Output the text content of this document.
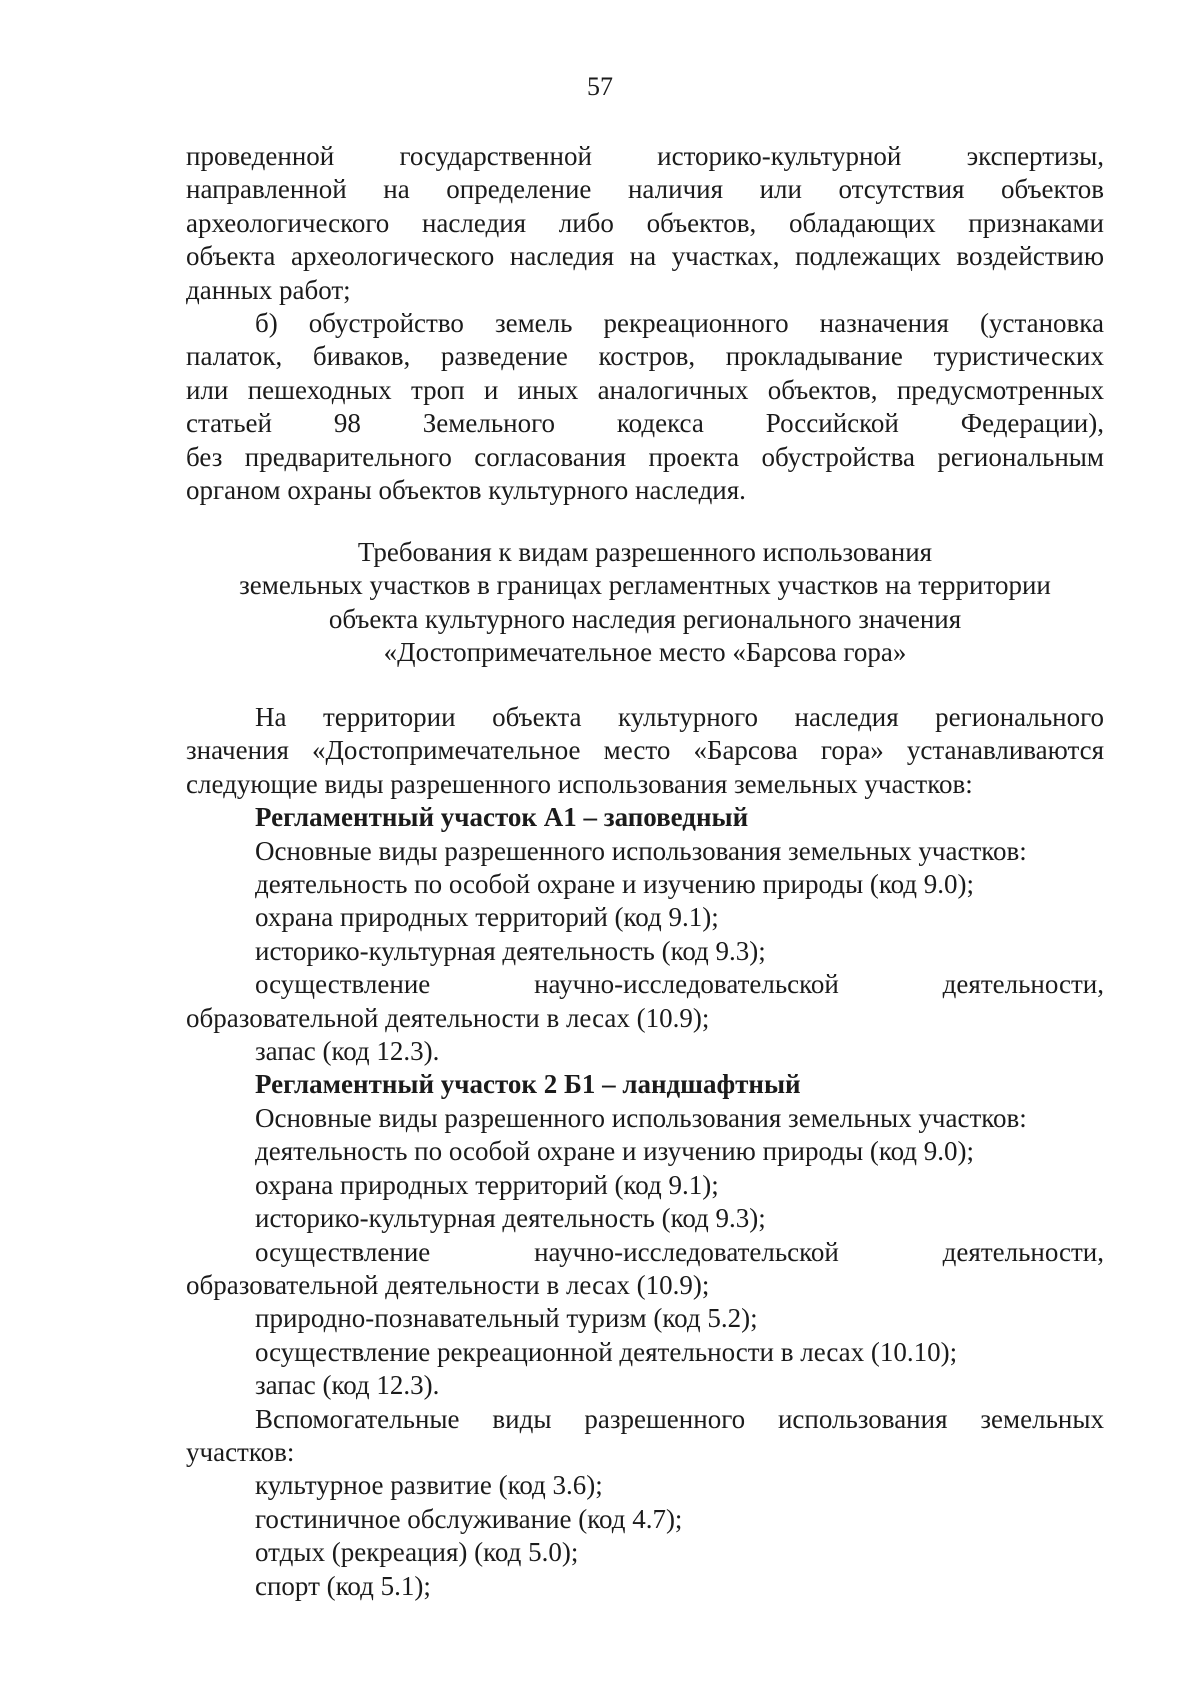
57

проведенной государственной историко-культурной экспертизы,

направленной на определение наличия или отсутствия объектов

археологического наследия либо объектов, обладающих признаками

объекта археологического наследия на участках, подлежащих воздействию

данных работ;

б) обустройство земель рекреационного назначения (установка

палаток, биваков, разведение костров, прокладывание туристических

или пешеходных троп и иных аналогичных объектов, предусмотренных

статьей 98 Земельного кодекса Российской Федерации),

без предварительного согласования проекта обустройства региональным

органом охраны объектов культурного наследия.

Требования к видам разрешенного использования

земельных участков в границах регламентных участков на территории

объекта культурного наследия регионального значения

«Достопримечательное место «Барсова гора»

На территории объекта культурного наследия регионального

значения «Достопримечательное место «Барсова гора» устанавливаются

следующие виды разрешенного использования земельных участков:

Регламентный участок А1 – заповедный

Основные виды разрешенного использования земельных участков:

деятельность по особой охране и изучению природы (код 9.0);

охрана природных территорий (код 9.1);

историко-культурная деятельность (код 9.3);

осуществление научно-исследовательской деятельности,

образовательной деятельности в лесах (10.9);

запас (код 12.3).

Регламентный участок 2 Б1 – ландшафтный

Основные виды разрешенного использования земельных участков:

деятельность по особой охране и изучению природы (код 9.0);

охрана природных территорий (код 9.1);

историко-культурная деятельность (код 9.3);

осуществление научно-исследовательской деятельности,

образовательной деятельности в лесах (10.9);

природно-познавательный туризм (код 5.2);

осуществление рекреационной деятельности в лесах (10.10);

запас (код 12.3).

Вспомогательные виды разрешенного использования земельных

участков:

культурное развитие (код 3.6);

гостиничное обслуживание (код 4.7);

отдых (рекреация) (код 5.0);

спорт (код 5.1);
